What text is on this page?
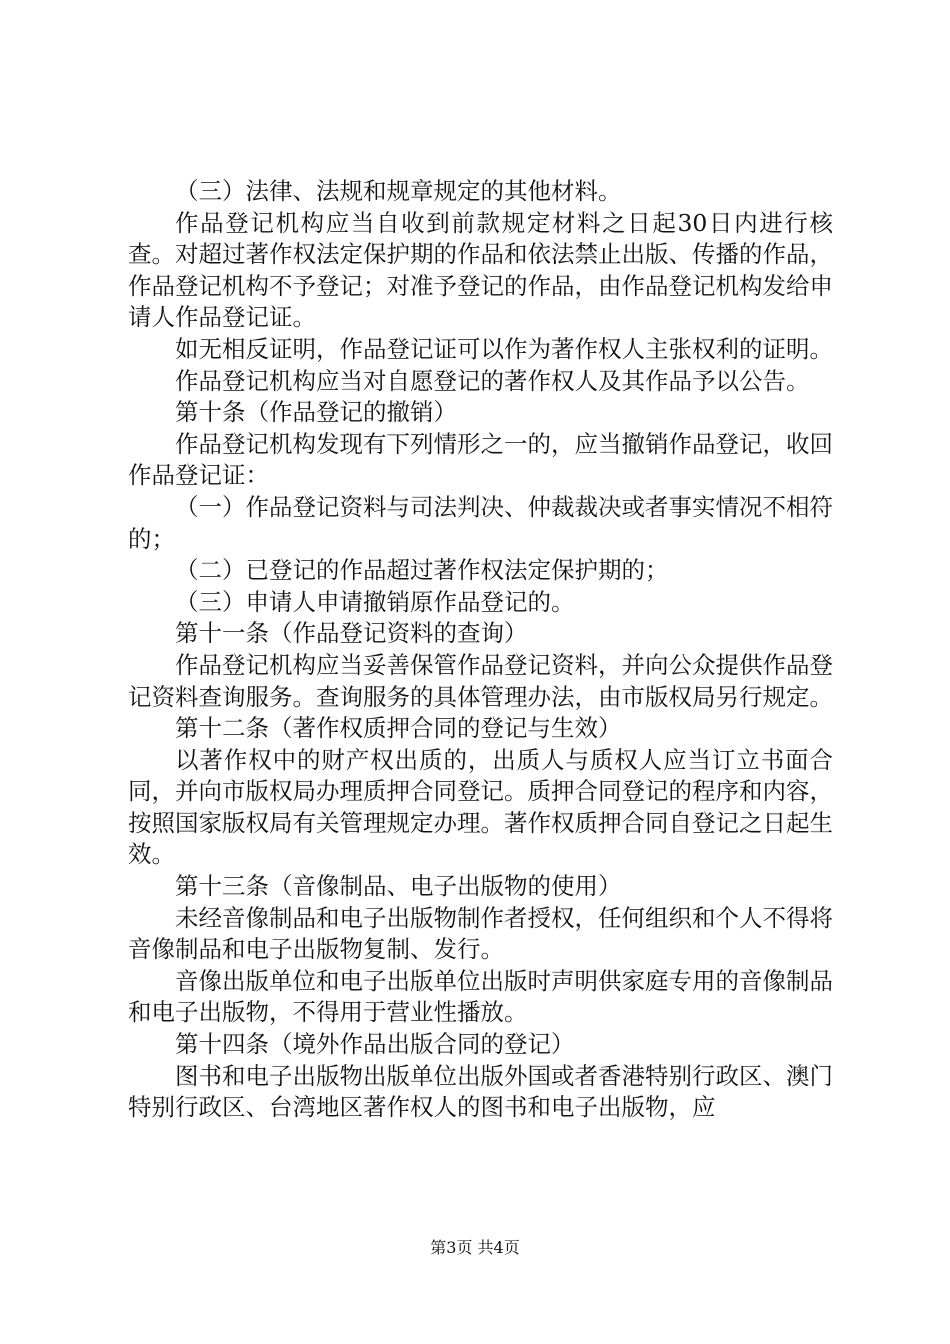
（三）法律、法规和规章规定的其他材料。

作品登记机构应当自收到前款规定材料之日起30日内进行核查。对超过著作权法定保护期的作品和依法禁止出版、传播的作品，作品登记机构不予登记；对准予登记的作品，由作品登记机构发给申请人作品登记证。

如无相反证明，作品登记证可以作为著作权人主张权利的证明。

作品登记机构应当对自愿登记的著作权人及其作品予以公告。

第十条（作品登记的撤销）

作品登记机构发现有下列情形之一的，应当撤销作品登记，收回作品登记证：

（一）作品登记资料与司法判决、仲裁裁决或者事实情况不相符的；

（二）已登记的作品超过著作权法定保护期的；

（三）申请人申请撤销原作品登记的。

第十一条（作品登记资料的查询）

作品登记机构应当妥善保管作品登记资料，并向公众提供作品登记资料查询服务。查询服务的具体管理办法，由市版权局另行规定。

第十二条（著作权质押合同的登记与生效）

以著作权中的财产权出质的，出质人与质权人应当订立书面合同，并向市版权局办理质押合同登记。质押合同登记的程序和内容，按照国家版权局有关管理规定办理。著作权质押合同自登记之日起生效。

第十三条（音像制品、电子出版物的使用）

未经音像制品和电子出版物制作者授权，任何组织和个人不得将音像制品和电子出版物复制、发行。

音像出版单位和电子出版单位出版时声明供家庭专用的音像制品和电子出版物，不得用于营业性播放。

第十四条（境外作品出版合同的登记）

图书和电子出版物出版单位出版外国或者香港特别行政区、澳门特别行政区、台湾地区著作权人的图书和电子出版物，应

第3页 共4页
